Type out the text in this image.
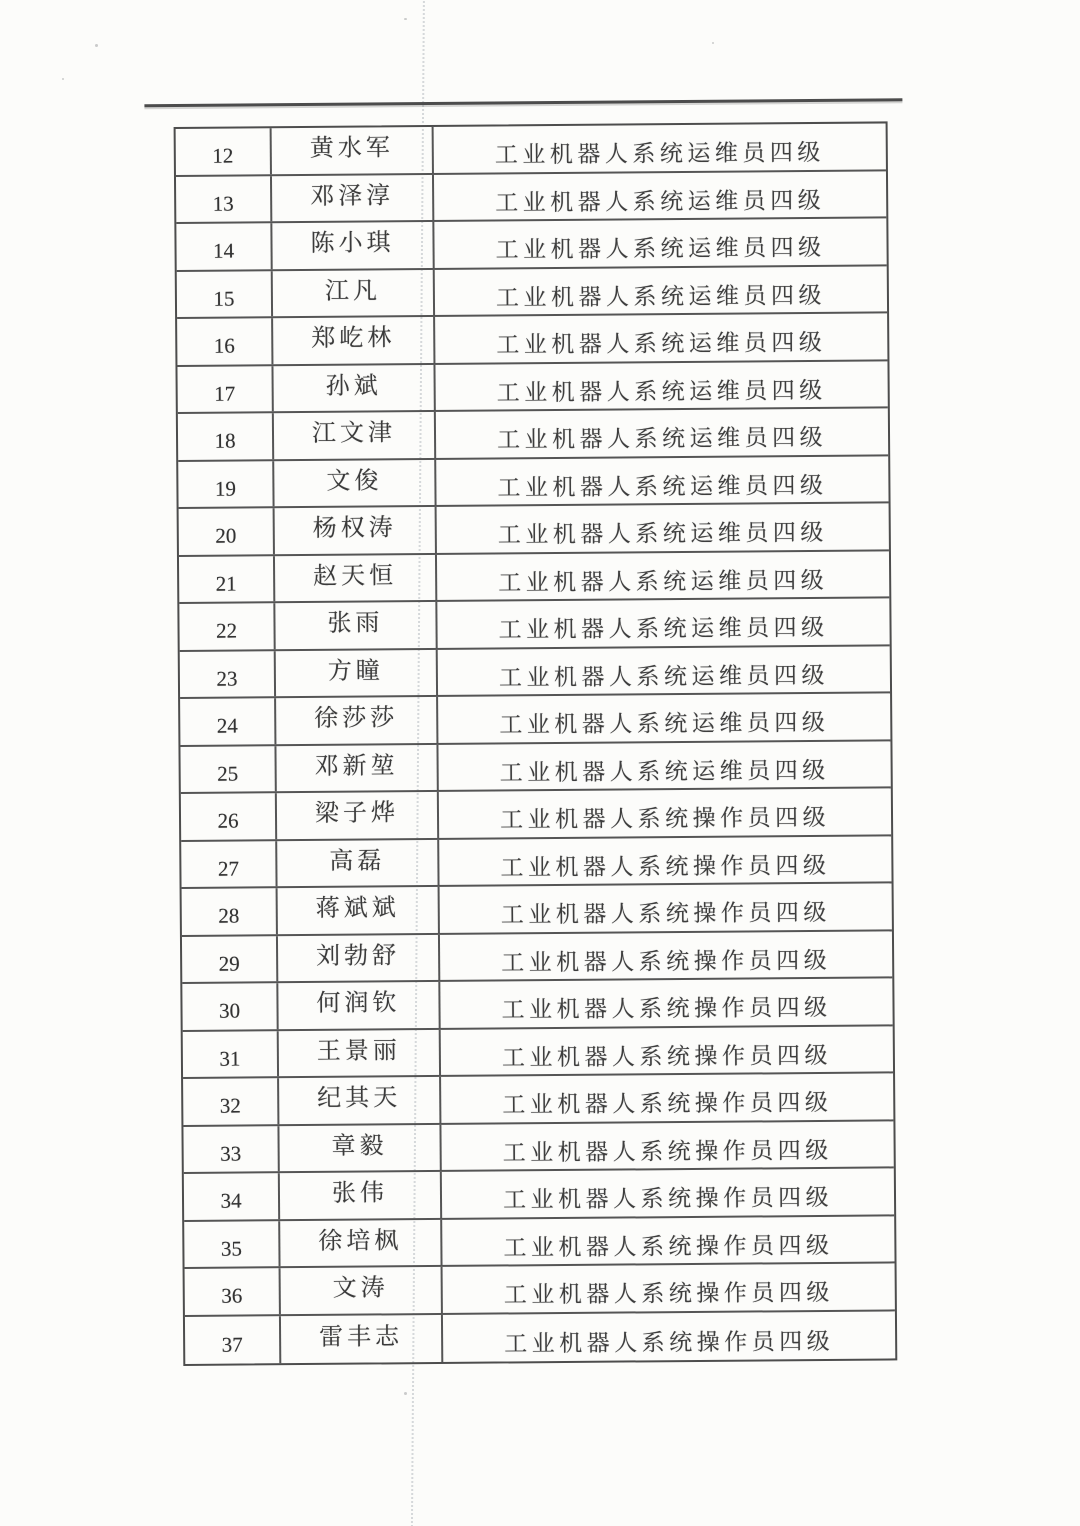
12	黄水军	工业机器人系统运维员四级
13	邓泽淳	工业机器人系统运维员四级
14	陈小琪	工业机器人系统运维员四级
15	江凡	工业机器人系统运维员四级
16	郑屹林	工业机器人系统运维员四级
17	孙斌	工业机器人系统运维员四级
18	江文津	工业机器人系统运维员四级
19	文俊	工业机器人系统运维员四级
20	杨权涛	工业机器人系统运维员四级
21	赵天恒	工业机器人系统运维员四级
22	张雨	工业机器人系统运维员四级
23	方瞳	工业机器人系统运维员四级
24	徐莎莎	工业机器人系统运维员四级
25	邓新堃	工业机器人系统运维员四级
26	梁子烨	工业机器人系统操作员四级
27	高磊	工业机器人系统操作员四级
28	蒋斌斌	工业机器人系统操作员四级
29	刘勃舒	工业机器人系统操作员四级
30	何润钦	工业机器人系统操作员四级
31	王景丽	工业机器人系统操作员四级
32	纪其天	工业机器人系统操作员四级
33	章毅	工业机器人系统操作员四级
34	张伟	工业机器人系统操作员四级
35	徐培枫	工业机器人系统操作员四级
36	文涛	工业机器人系统操作员四级
37	雷丰志	工业机器人系统操作员四级
